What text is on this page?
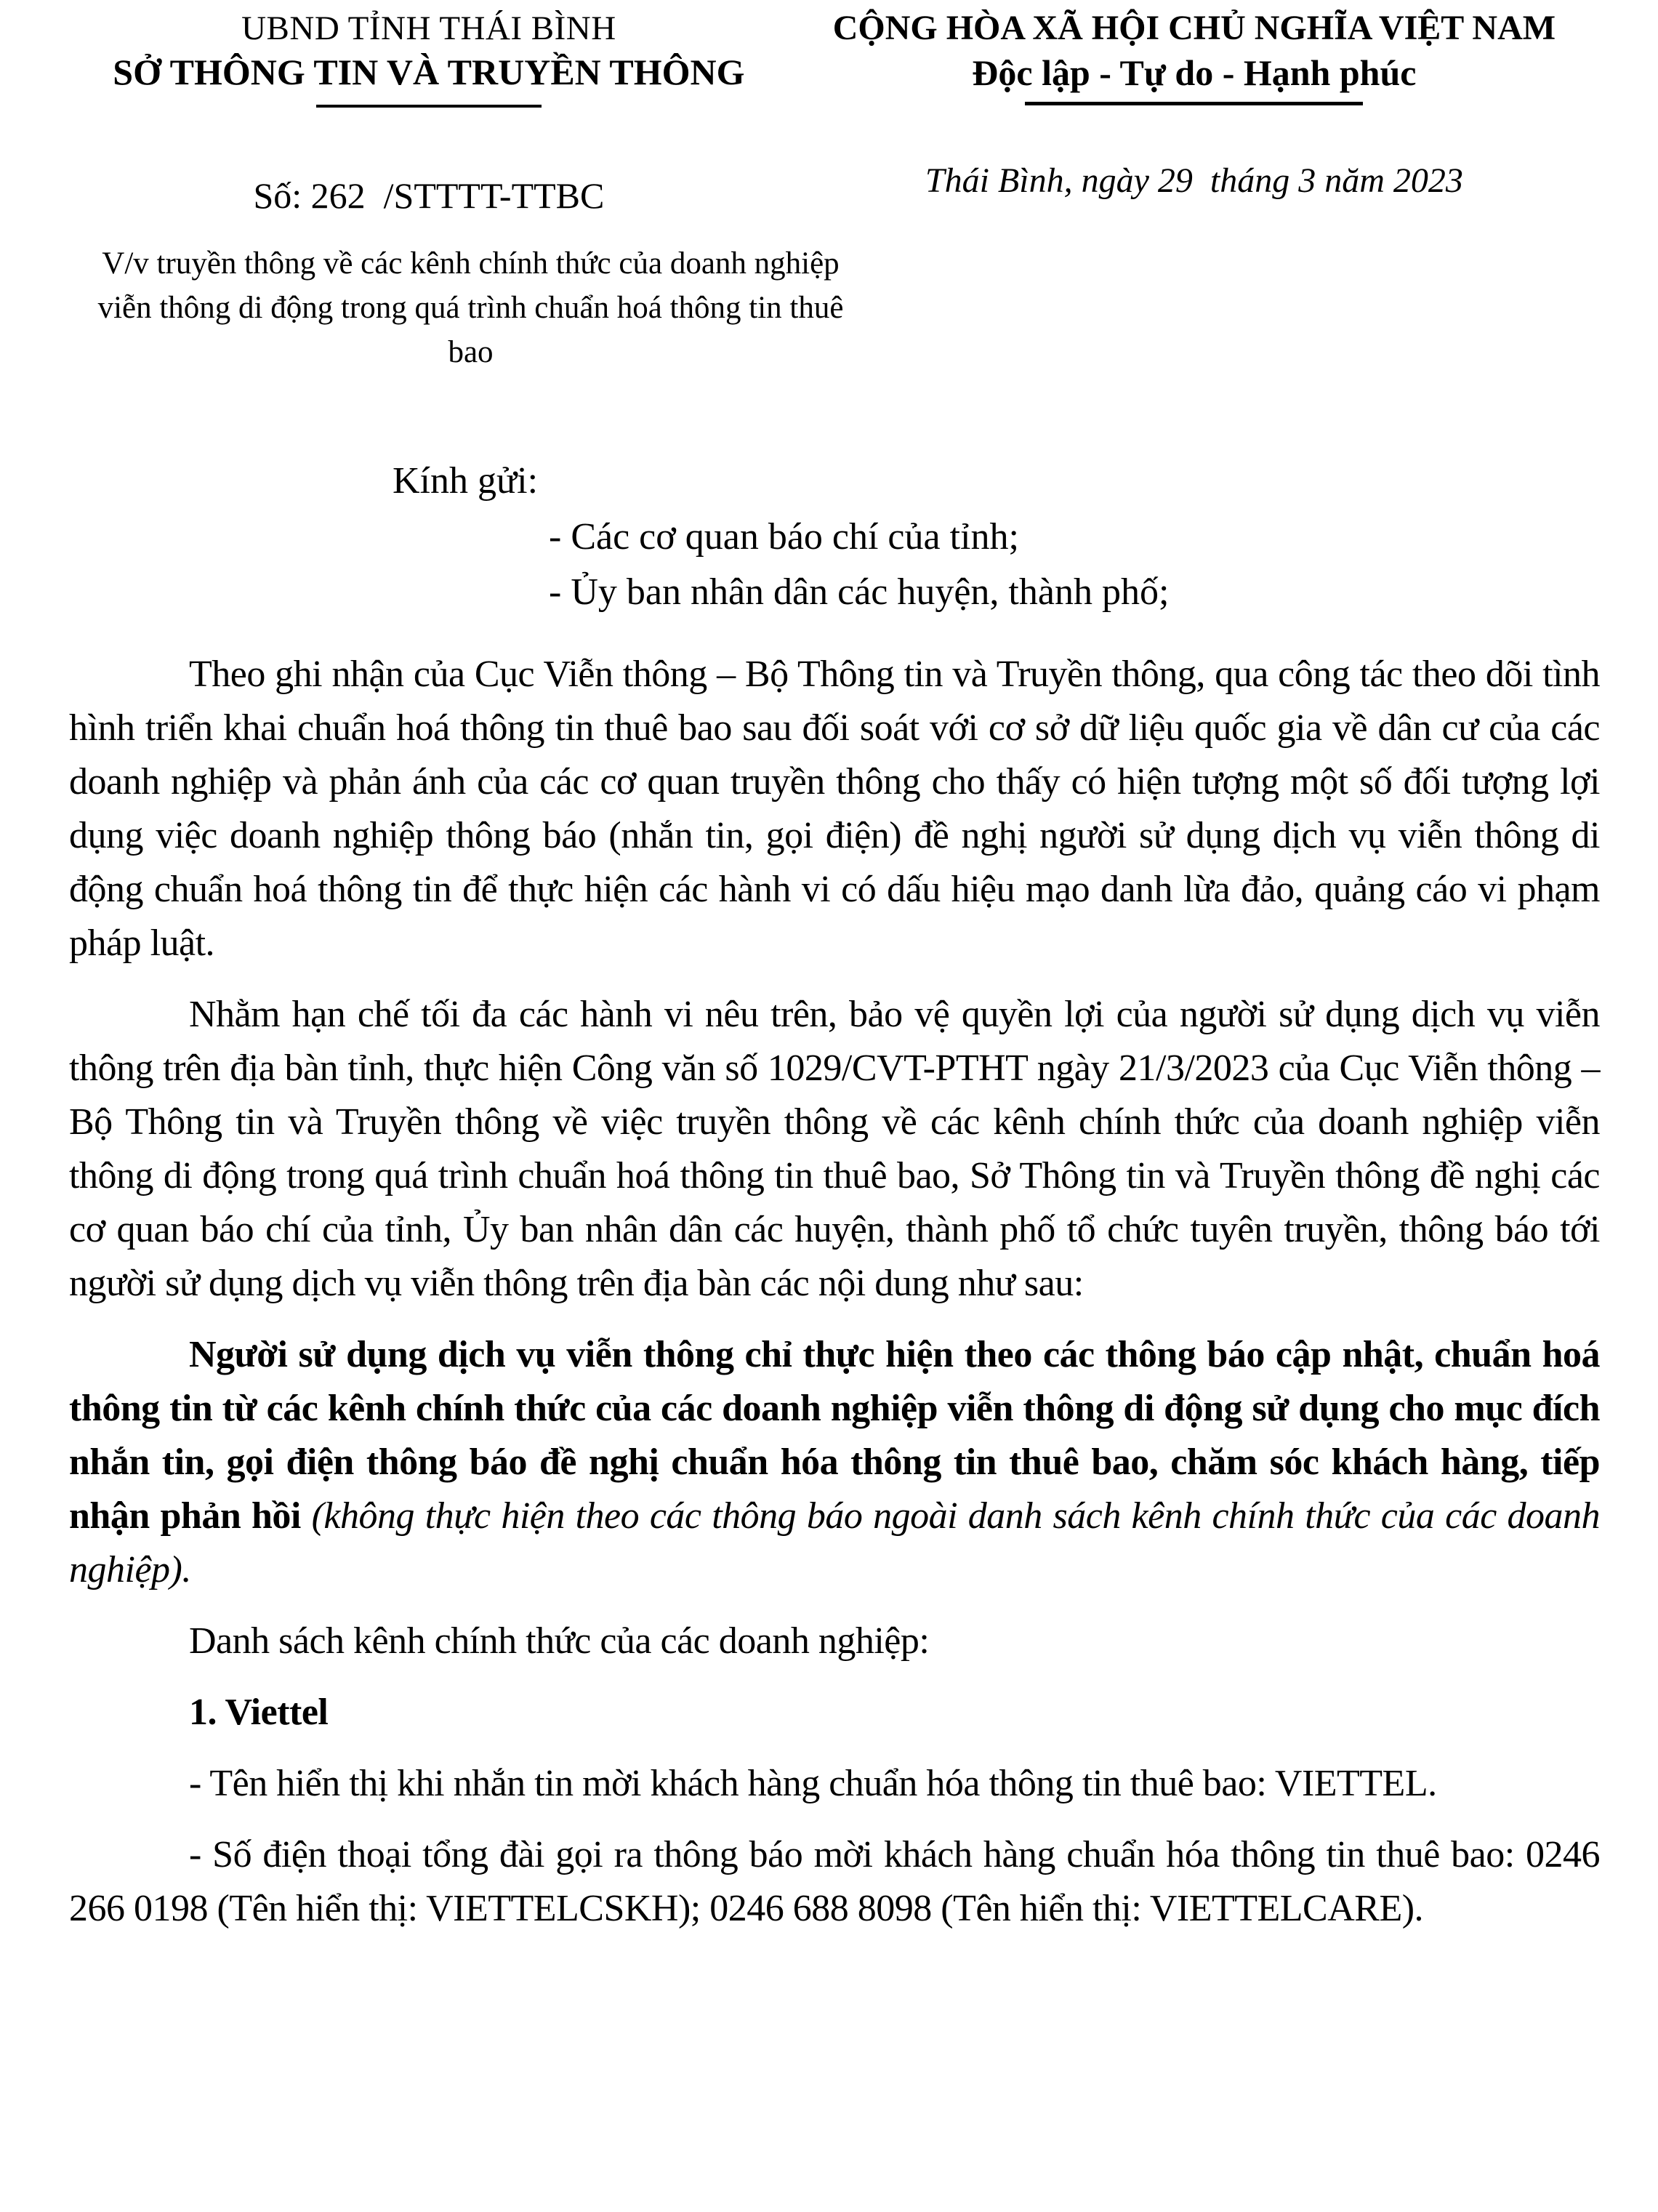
UBND TỈNH THÁI BÌNH
SỞ THÔNG TIN VÀ TRUYỀN THÔNG
Số: 262  /STTTT-TTBC
CỘNG HÒA XÃ HỘI CHỦ NGHĨA VIỆT NAM
Độc lập - Tự do - Hạnh phúc
Thái Bình, ngày 29  tháng 3 năm 2023
V/v truyền thông về các kênh chính thức của doanh nghiệp viễn thông di động trong quá trình chuẩn hoá thông tin thuê bao
Kính gửi:
- Các cơ quan báo chí của tỉnh;
- Ủy ban nhân dân các huyện, thành phố;

Theo ghi nhận của Cục Viễn thông – Bộ Thông tin và Truyền thông, qua công tác theo dõi tình hình triển khai chuẩn hoá thông tin thuê bao sau đối soát với cơ sở dữ liệu quốc gia về dân cư của các doanh nghiệp và phản ánh của các cơ quan truyền thông cho thấy có hiện tượng một số đối tượng lợi dụng việc doanh nghiệp thông báo (nhắn tin, gọi điện) đề nghị người sử dụng dịch vụ viễn thông di động chuẩn hoá thông tin để thực hiện các hành vi có dấu hiệu mạo danh lừa đảo, quảng cáo vi phạm pháp luật.

Nhằm hạn chế tối đa các hành vi nêu trên, bảo vệ quyền lợi của người sử dụng dịch vụ viễn thông trên địa bàn tỉnh, thực hiện Công văn số 1029/CVT-PTHT ngày 21/3/2023 của Cục Viễn thông – Bộ Thông tin và Truyền thông về việc truyền thông về các kênh chính thức của doanh nghiệp viễn thông di động trong quá trình chuẩn hoá thông tin thuê bao, Sở Thông tin và Truyền thông đề nghị các cơ quan báo chí của tỉnh, Ủy ban nhân dân các huyện, thành phố tổ chức tuyên truyền, thông báo tới người sử dụng dịch vụ viễn thông trên địa bàn các nội dung như sau:

Người sử dụng dịch vụ viễn thông chỉ thực hiện theo các thông báo cập nhật, chuẩn hoá thông tin từ các kênh chính thức của các doanh nghiệp viễn thông di động sử dụng cho mục đích nhắn tin, gọi điện thông báo đề nghị chuẩn hóa thông tin thuê bao, chăm sóc khách hàng, tiếp nhận phản hồi (không thực hiện theo các thông báo ngoài danh sách kênh chính thức của các doanh nghiệp).

Danh sách kênh chính thức của các doanh nghiệp:

1. Viettel

- Tên hiển thị khi nhắn tin mời khách hàng chuẩn hóa thông tin thuê bao: VIETTEL.

- Số điện thoại tổng đài gọi ra thông báo mời khách hàng chuẩn hóa thông tin thuê bao: 0246 266 0198 (Tên hiển thị: VIETTELCSKH); 0246 688 8098 (Tên hiển thị: VIETTELCARE).
